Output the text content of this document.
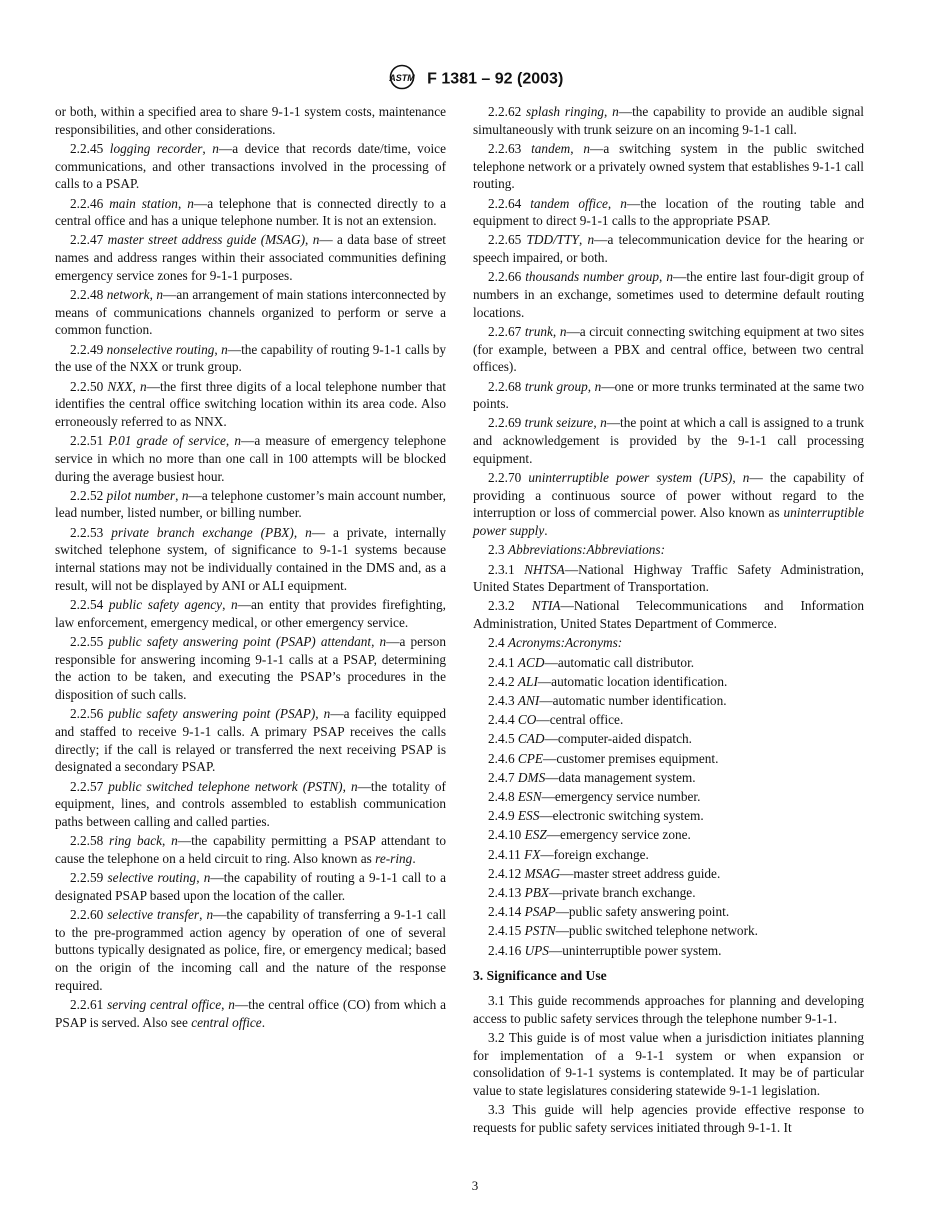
ASTM F 1381 – 92 (2003)

or both, within a specified area to share 9-1-1 system costs, maintenance responsibilities, and other considerations.

2.2.45 logging recorder, n—a device that records date/time, voice communications, and other transactions involved in the processing of calls to a PSAP.

2.2.46 main station, n—a telephone that is connected directly to a central office and has a unique telephone number. It is not an extension.

2.2.47 master street address guide (MSAG), n— a data base of street names and address ranges within their associated communities defining emergency service zones for 9-1-1 purposes.

2.2.48 network, n—an arrangement of main stations interconnected by means of communications channels organized to perform or serve a common function.

2.2.49 nonselective routing, n—the capability of routing 9-1-1 calls by the use of the NXX or trunk group.

2.2.50 NXX, n—the first three digits of a local telephone number that identifies the central office switching location within its area code. Also erroneously referred to as NNX.

2.2.51 P.01 grade of service, n—a measure of emergency telephone service in which no more than one call in 100 attempts will be blocked during the average busiest hour.

2.2.52 pilot number, n—a telephone customer’s main account number, lead number, listed number, or billing number.

2.2.53 private branch exchange (PBX), n— a private, internally switched telephone system, of significance to 9-1-1 systems because internal stations may not be individually contained in the DMS and, as a result, will not be displayed by ANI or ALI equipment.

2.2.54 public safety agency, n—an entity that provides firefighting, law enforcement, emergency medical, or other emergency service.

2.2.55 public safety answering point (PSAP) attendant, n—a person responsible for answering incoming 9-1-1 calls at a PSAP, determining the action to be taken, and executing the PSAP’s procedures in the disposition of such calls.

2.2.56 public safety answering point (PSAP), n—a facility equipped and staffed to receive 9-1-1 calls. A primary PSAP receives the calls directly; if the call is relayed or transferred the next receiving PSAP is designated a secondary PSAP.

2.2.57 public switched telephone network (PSTN), n—the totality of equipment, lines, and controls assembled to establish communication paths between calling and called parties.

2.2.58 ring back, n—the capability permitting a PSAP attendant to cause the telephone on a held circuit to ring. Also known as re-ring.

2.2.59 selective routing, n—the capability of routing a 9-1-1 call to a designated PSAP based upon the location of the caller.

2.2.60 selective transfer, n—the capability of transferring a 9-1-1 call to the pre-programmed action agency by operation of one of several buttons typically designated as police, fire, or emergency medical; based on the origin of the incoming call and the nature of the response required.

2.2.61 serving central office, n—the central office (CO) from which a PSAP is served. Also see central office.

2.2.62 splash ringing, n—the capability to provide an audible signal simultaneously with trunk seizure on an incoming 9-1-1 call.

2.2.63 tandem, n—a switching system in the public switched telephone network or a privately owned system that establishes 9-1-1 call routing.

2.2.64 tandem office, n—the location of the routing table and equipment to direct 9-1-1 calls to the appropriate PSAP.

2.2.65 TDD/TTY, n—a telecommunication device for the hearing or speech impaired, or both.

2.2.66 thousands number group, n—the entire last four-digit group of numbers in an exchange, sometimes used to determine default routing locations.

2.2.67 trunk, n—a circuit connecting switching equipment at two sites (for example, between a PBX and central office, between two central offices).

2.2.68 trunk group, n—one or more trunks terminated at the same two points.

2.2.69 trunk seizure, n—the point at which a call is assigned to a trunk and acknowledgement is provided by the 9-1-1 call processing equipment.

2.2.70 uninterruptible power system (UPS), n— the capability of providing a continuous source of power without regard to the interruption or loss of commercial power. Also known as uninterruptible power supply.

2.3 Abbreviations:Abbreviations:

2.3.1 NHTSA—National Highway Traffic Safety Administration, United States Department of Transportation.

2.3.2 NTIA—National Telecommunications and Information Administration, United States Department of Commerce.

2.4 Acronyms:Acronyms:

2.4.1 ACD—automatic call distributor.

2.4.2 ALI—automatic location identification.

2.4.3 ANI—automatic number identification.

2.4.4 CO—central office.

2.4.5 CAD—computer-aided dispatch.

2.4.6 CPE—customer premises equipment.

2.4.7 DMS—data management system.

2.4.8 ESN—emergency service number.

2.4.9 ESS—electronic switching system.

2.4.10 ESZ—emergency service zone.

2.4.11 FX—foreign exchange.

2.4.12 MSAG—master street address guide.

2.4.13 PBX—private branch exchange.

2.4.14 PSAP—public safety answering point.

2.4.15 PSTN—public switched telephone network.

2.4.16 UPS—uninterruptible power system.

3. Significance and Use

3.1 This guide recommends approaches for planning and developing access to public safety services through the telephone number 9-1-1.

3.2 This guide is of most value when a jurisdiction initiates planning for implementation of a 9-1-1 system or when expansion or consolidation of 9-1-1 systems is contemplated. It may be of particular value to state legislatures considering statewide 9-1-1 legislation.

3.3 This guide will help agencies provide effective response to requests for public safety services initiated through 9-1-1. It

3
